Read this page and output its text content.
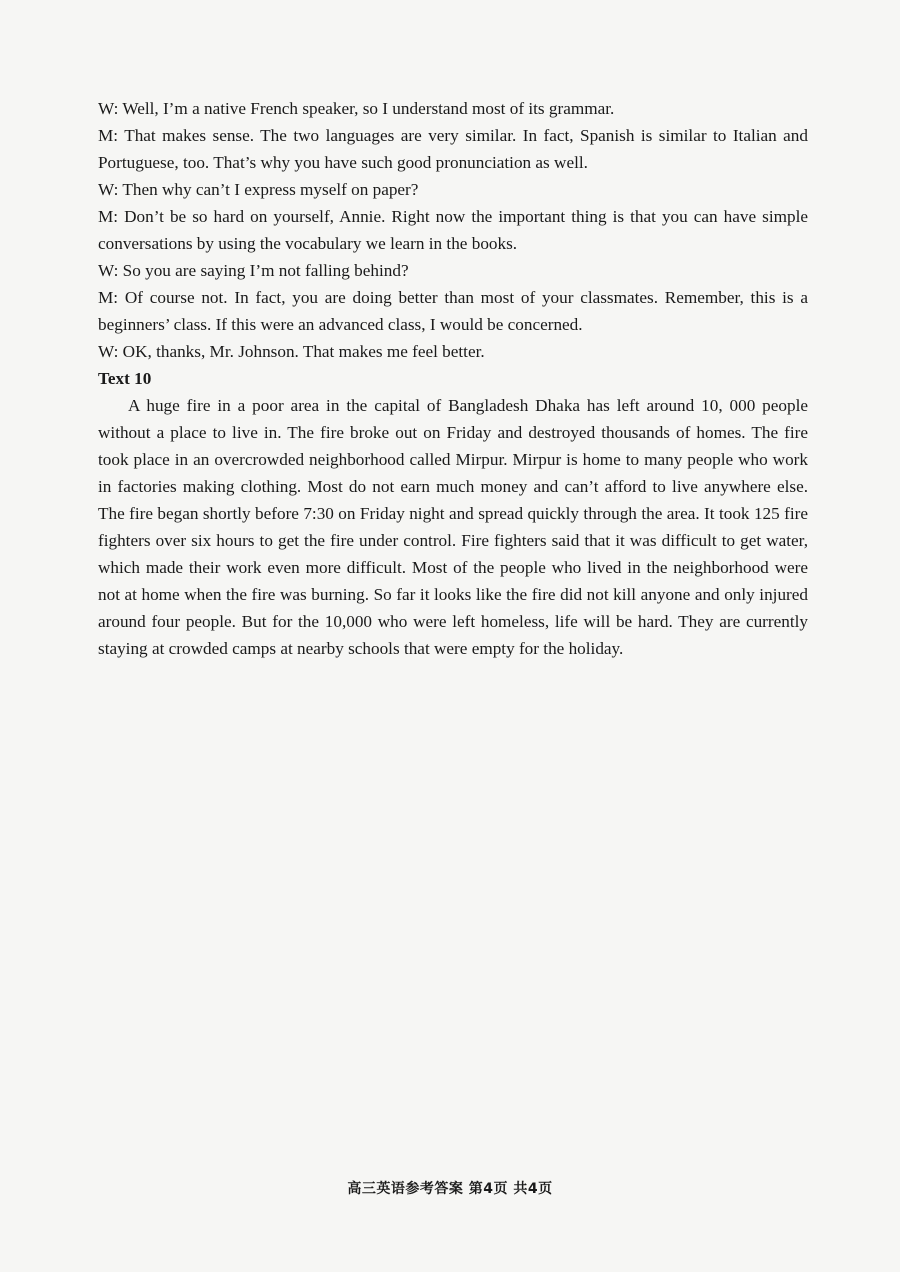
W: Well, I’m a native French speaker, so I understand most of its grammar.

M: That makes sense. The two languages are very similar. In fact, Spanish is similar to Italian and Portuguese, too. That’s why you have such good pronunciation as well.

W: Then why can’t I express myself on paper?

M: Don’t be so hard on yourself, Annie. Right now the important thing is that you can have simple conversations by using the vocabulary we learn in the books.

W: So you are saying I’m not falling behind?

M: Of course not. In fact, you are doing better than most of your classmates. Remember, this is a beginners’ class. If this were an advanced class, I would be concerned.

W: OK, thanks, Mr. Johnson. That makes me feel better.

Text 10

A huge fire in a poor area in the capital of Bangladesh Dhaka has left around 10, 000 people without a place to live in. The fire broke out on Friday and destroyed thousands of homes. The fire took place in an overcrowded neighborhood called Mirpur. Mirpur is home to many people who work in factories making clothing. Most do not earn much money and can’t afford to live anywhere else. The fire began shortly before 7:30 on Friday night and spread quickly through the area. It took 125 fire fighters over six hours to get the fire under control. Fire fighters said that it was difficult to get water, which made their work even more difficult. Most of the people who lived in the neighborhood were not at home when the fire was burning. So far it looks like the fire did not kill anyone and only injured around four people. But for the 10,000 who were left homeless, life will be hard. They are currently staying at crowded camps at nearby schools that were empty for the holiday.

高三英语参考答案 第4页 共4页
